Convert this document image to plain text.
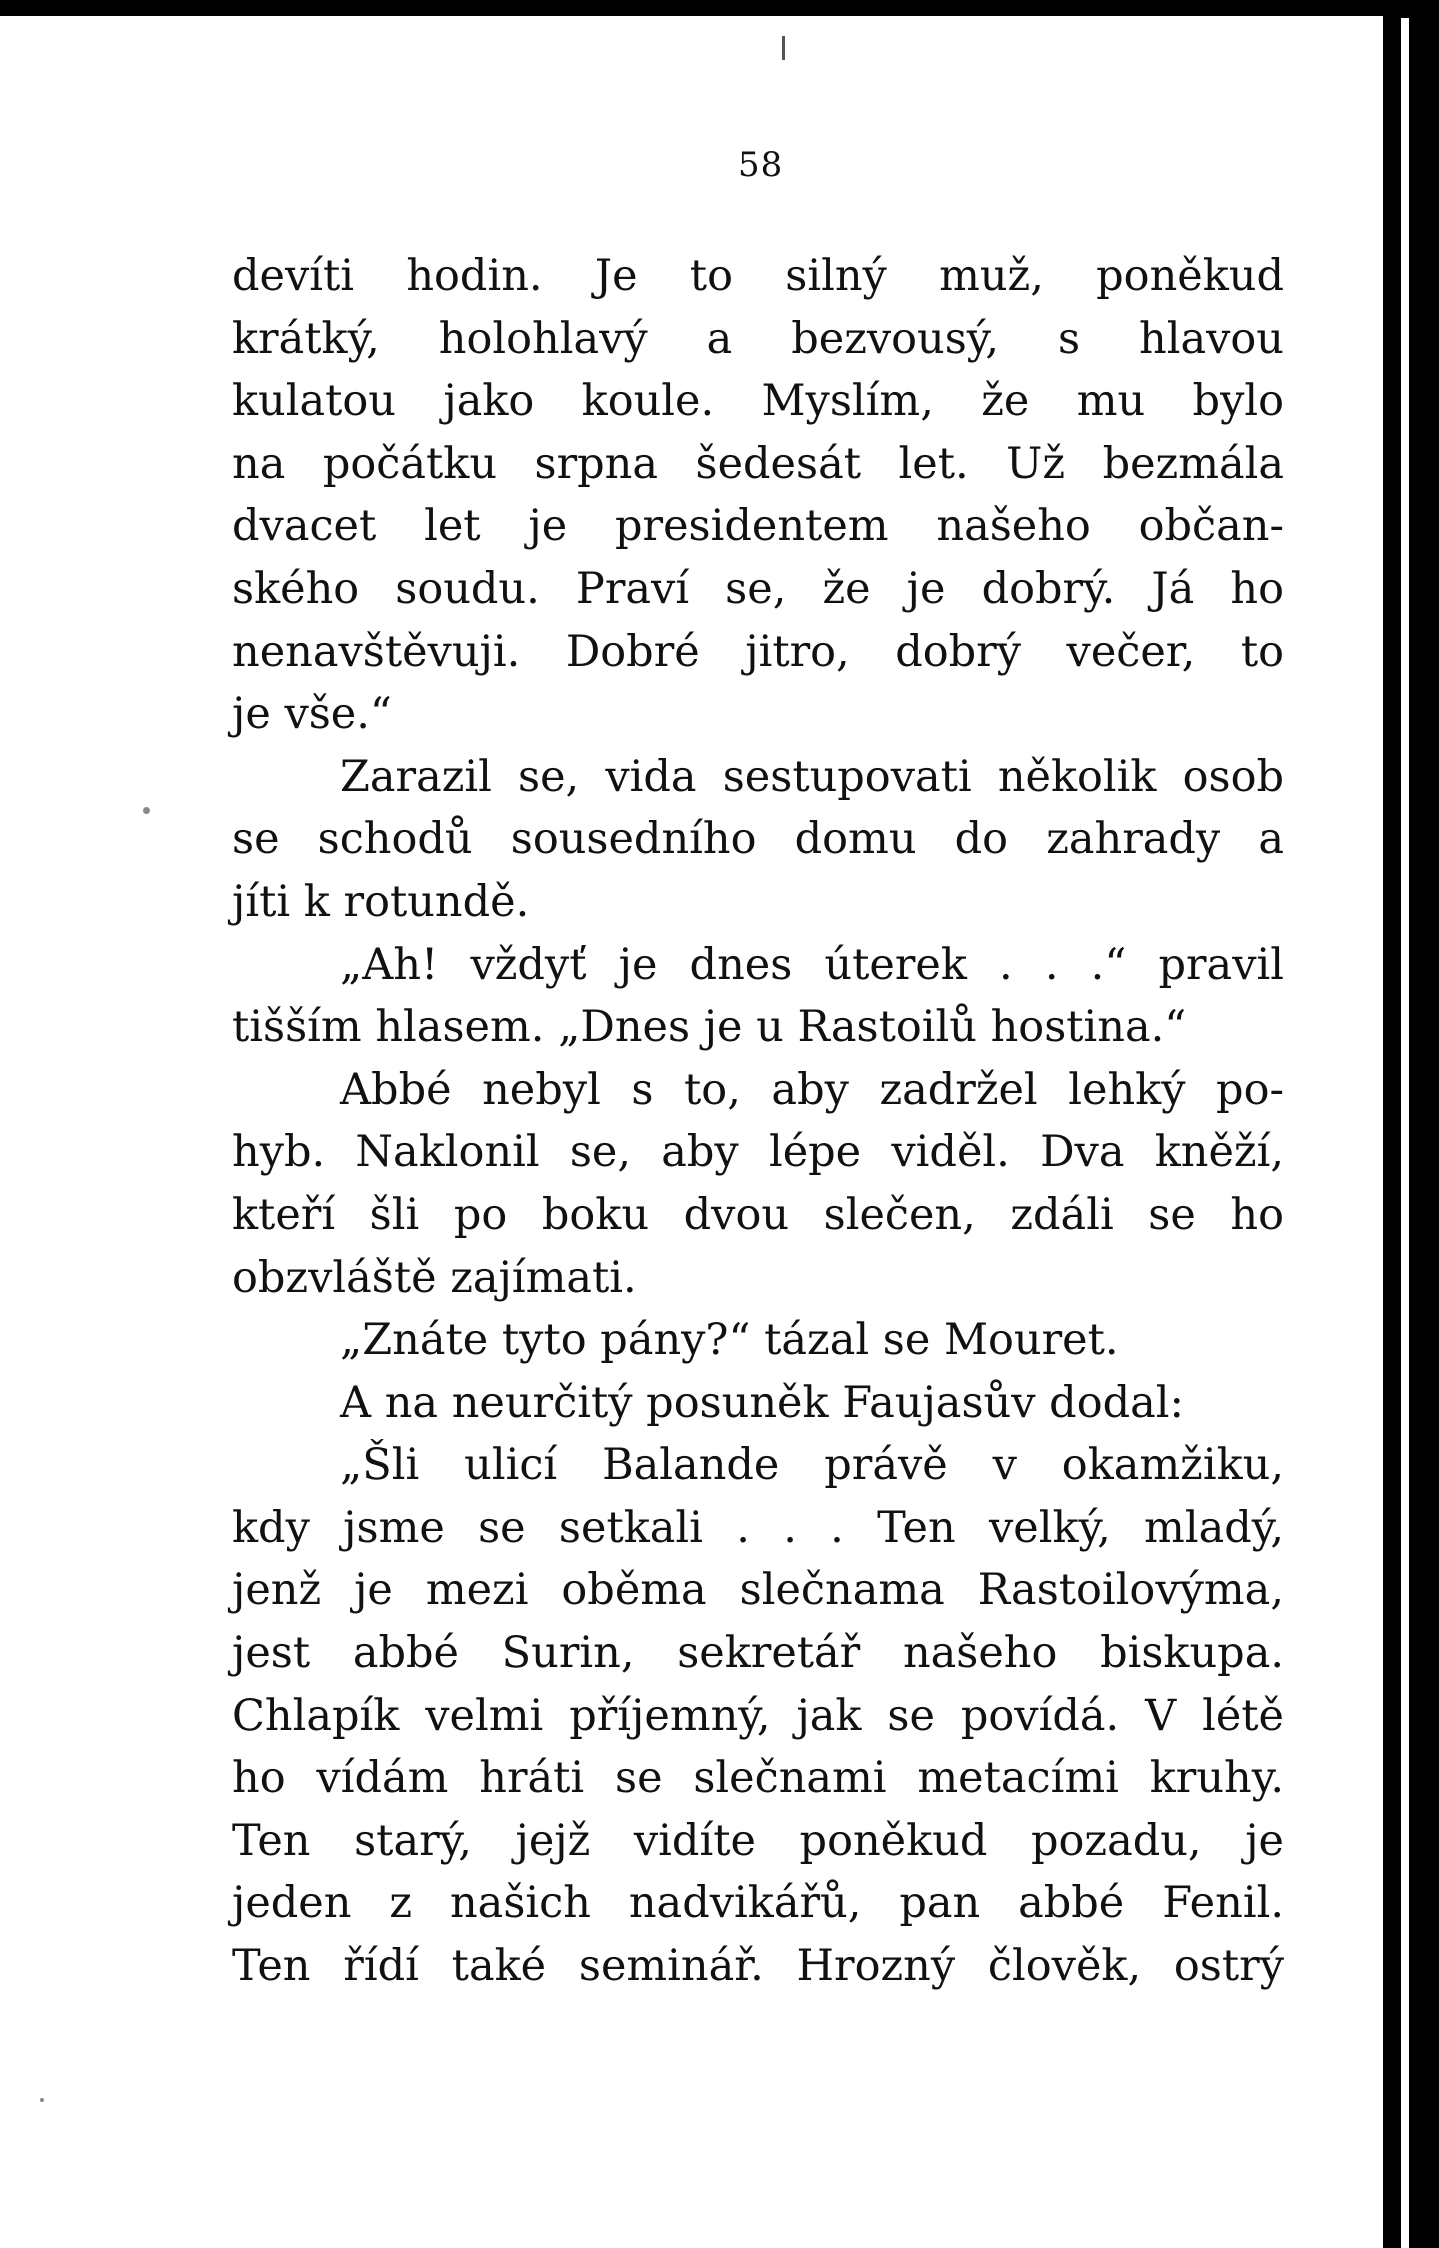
58
devíti hodin. Je to silný muž, poněkud
krátký, holohlavý a bezvousý, s hlavou
kulatou jako koule. Myslím, že mu bylo
na počátku srpna šedesát let. Už bezmála
dvacet let je presidentem našeho občan-
ského soudu. Praví se, že je dobrý. Já ho
nenavštěvuji. Dobré jitro, dobrý večer, to
je vše.“
Zarazil se, vida sestupovati několik osob
se schodů sousedního domu do zahrady a
jíti k rotundě.
„Ah! vždyť je dnes úterek . . .“ pravil
tišším hlasem. „Dnes je u Rastoilů hostina.“
Abbé nebyl s to, aby zadržel lehký po-
hyb. Naklonil se, aby lépe viděl. Dva kněží,
kteří šli po boku dvou slečen, zdáli se ho
obzvláště zajímati.
„Znáte tyto pány?“ tázal se Mouret.
A na neurčitý posuněk Faujasův dodal:
„Šli ulicí Balande právě v okamžiku,
kdy jsme se setkali . . . Ten velký, mladý,
jenž je mezi oběma slečnama Rastoilovýma,
jest abbé Surin, sekretář našeho biskupa.
Chlapík velmi příjemný, jak se povídá. V létě
ho vídám hráti se slečnami metacími kruhy.
Ten starý, jejž vidíte poněkud pozadu, je
jeden z našich nadvikářů, pan abbé Fenil.
Ten řídí také seminář. Hrozný člověk, ostrý
